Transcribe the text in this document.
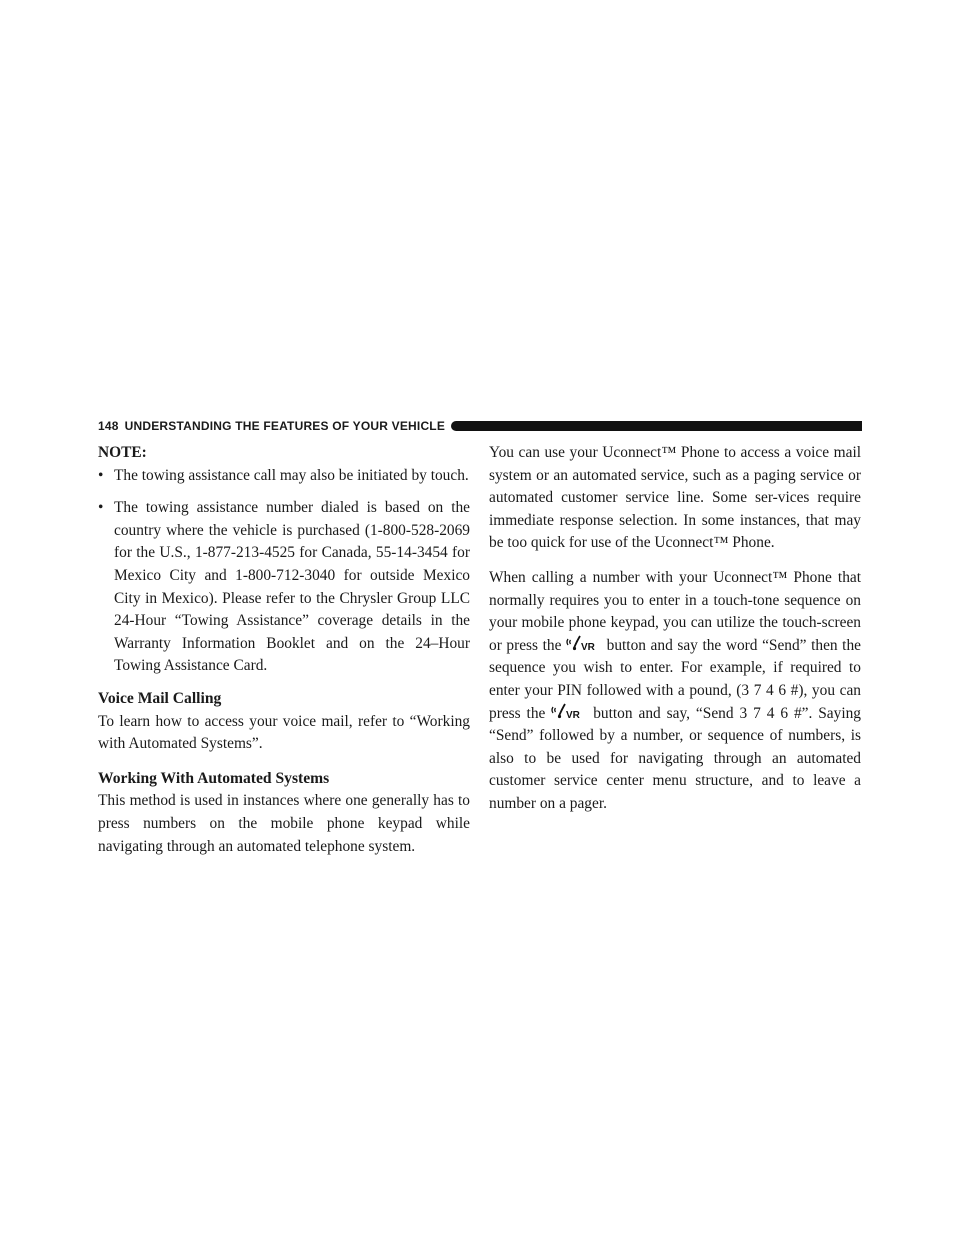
148 UNDERSTANDING THE FEATURES OF YOUR VEHICLE

NOTE:

• The towing assistance call may also be initiated by touch.
• The towing assistance number dialed is based on the country where the vehicle is purchased (1-800-528-2069 for the U.S., 1-877-213-4525 for Canada, 55-14-3454 for Mexico City and 1-800-712-3040 for outside Mexico City in Mexico). Please refer to the Chrysler Group LLC 24-Hour “Towing Assistance” coverage details in the Warranty Information Booklet and on the 24–Hour Towing Assistance Card.
Voice Mail Calling

To learn how to access your voice mail, refer to “Working with Automated Systems”.

Working With Automated Systems

This method is used in instances where one generally has to press numbers on the mobile phone keypad while navigating through an automated telephone system.

You can use your Uconnect™ Phone to access a voice mail system or an automated service, such as a paging service or automated customer service line. Some ser-vices require immediate response selection. In some instances, that may be too quick for use of the Uconnect™ Phone.

When calling a number with your Uconnect™ Phone that normally requires you to enter in a touch-tone sequence on your mobile phone keypad, you can utilize the touch-screen or press the VR button and say the word “Send” then the sequence you wish to enter. For example, if required to enter your PIN followed with a pound, (3 7 4 6 #), you can press the VR button and say, “Send 3 7 4 6 #”. Saying “Send” followed by a number, or sequence of numbers, is also to be used for navigating through an automated customer service center menu structure, and to leave a number on a pager.
